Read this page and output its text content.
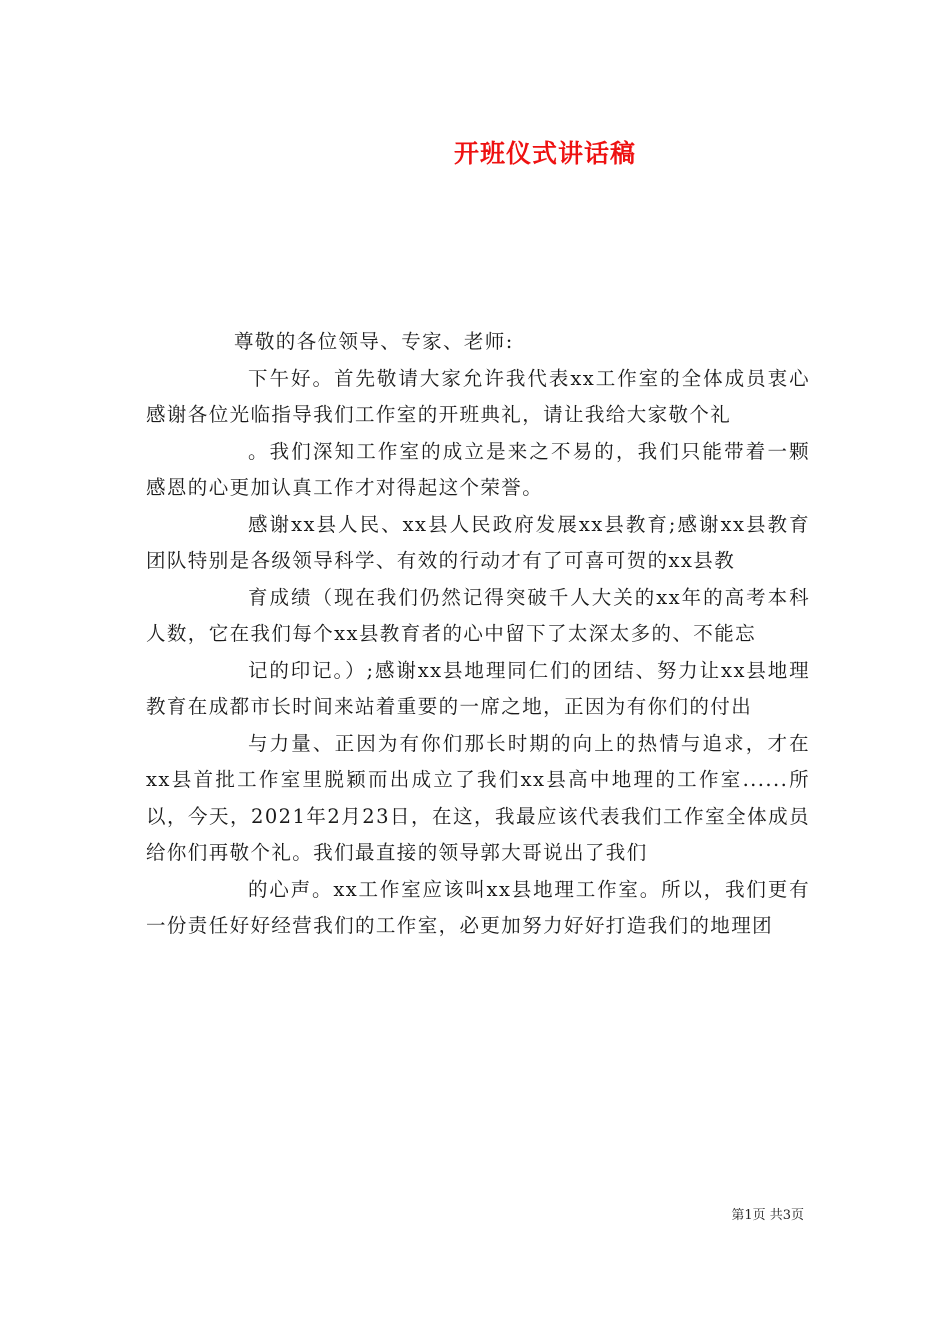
开班仪式讲话稿

尊敬的各位领导、专家、老师:

下午好。首先敬请大家允许我代表xx工作室的全体成员衷心感谢各位光临指导我们工作室的开班典礼，请让我给大家敬个礼

。我们深知工作室的成立是来之不易的，我们只能带着一颗感恩的心更加认真工作才对得起这个荣誉。

感谢xx县人民、xx县人民政府发展xx县教育;感谢xx县教育团队特别是各级领导科学、有效的行动才有了可喜可贺的xx县教

育成绩（现在我们仍然记得突破千人大关的xx年的高考本科人数，它在我们每个xx县教育者的心中留下了太深太多的、不能忘

记的印记。）;感谢xx县地理同仁们的团结、努力让xx县地理教育在成都市长时间来站着重要的一席之地，正因为有你们的付出

与力量、正因为有你们那长时期的向上的热情与追求，才在xx县首批工作室里脱颖而出成立了我们xx县高中地理的工作室......所以，今天，2021年2月23日，在这，我最应该代表我们工作室全体成员给你们再敬个礼。我们最直接的领导郭大哥说出了我们

的心声。xx工作室应该叫xx县地理工作室。所以，我们更有一份责任好好经营我们的工作室，必更加努力好好打造我们的地理团

第1页 共3页
